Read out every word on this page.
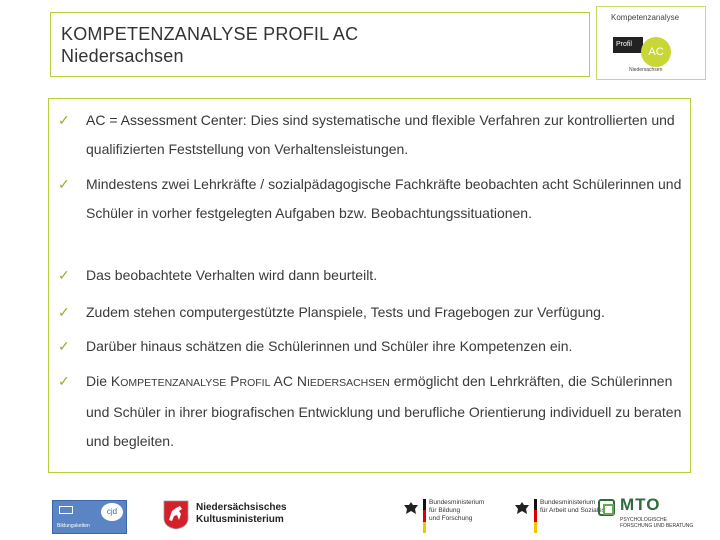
KOMPETENZANALYSE PROFIL AC
Niedersachsen
Kompetenzanalyse
Profil
AC
Niedersachsen
✓	AC = Assessment Center: Dies sind systematische und flexible Verfahren zur kontrollierten und qualifizierten Feststellung von Verhaltensleistungen.
✓	Mindestens zwei Lehrkräfte / sozialpädagogische Fachkräfte beobachten acht Schülerinnen und Schüler in vorher festgelegten Aufgaben bzw. Beobachtungssituationen.
✓	Das beobachtete Verhalten wird dann beurteilt.
✓	Zudem stehen computergestützte Planspiele, Tests und Fragebogen zur Verfügung.
✓	Darüber hinaus schätzen die Schülerinnen und Schüler ihre Kompetenzen ein.
✓	Die KOMPETENZANALYSE PROFIL AC NIEDERSACHSEN ermöglicht den Lehrkräften, die Schülerinnen und Schüler in ihrer biografischen Entwicklung und berufliche Orientierung individuell zu beraten und begleiten.
cjd
Bildungsketten
Niedersächsisches
Kultusministerium
Bundesministerium
für Bildung
und Forschung
Bundesministerium
für Arbeit und Soziales MTO
PSYCHOLOGISCHE
FORSCHUNG UND BERATUNG
